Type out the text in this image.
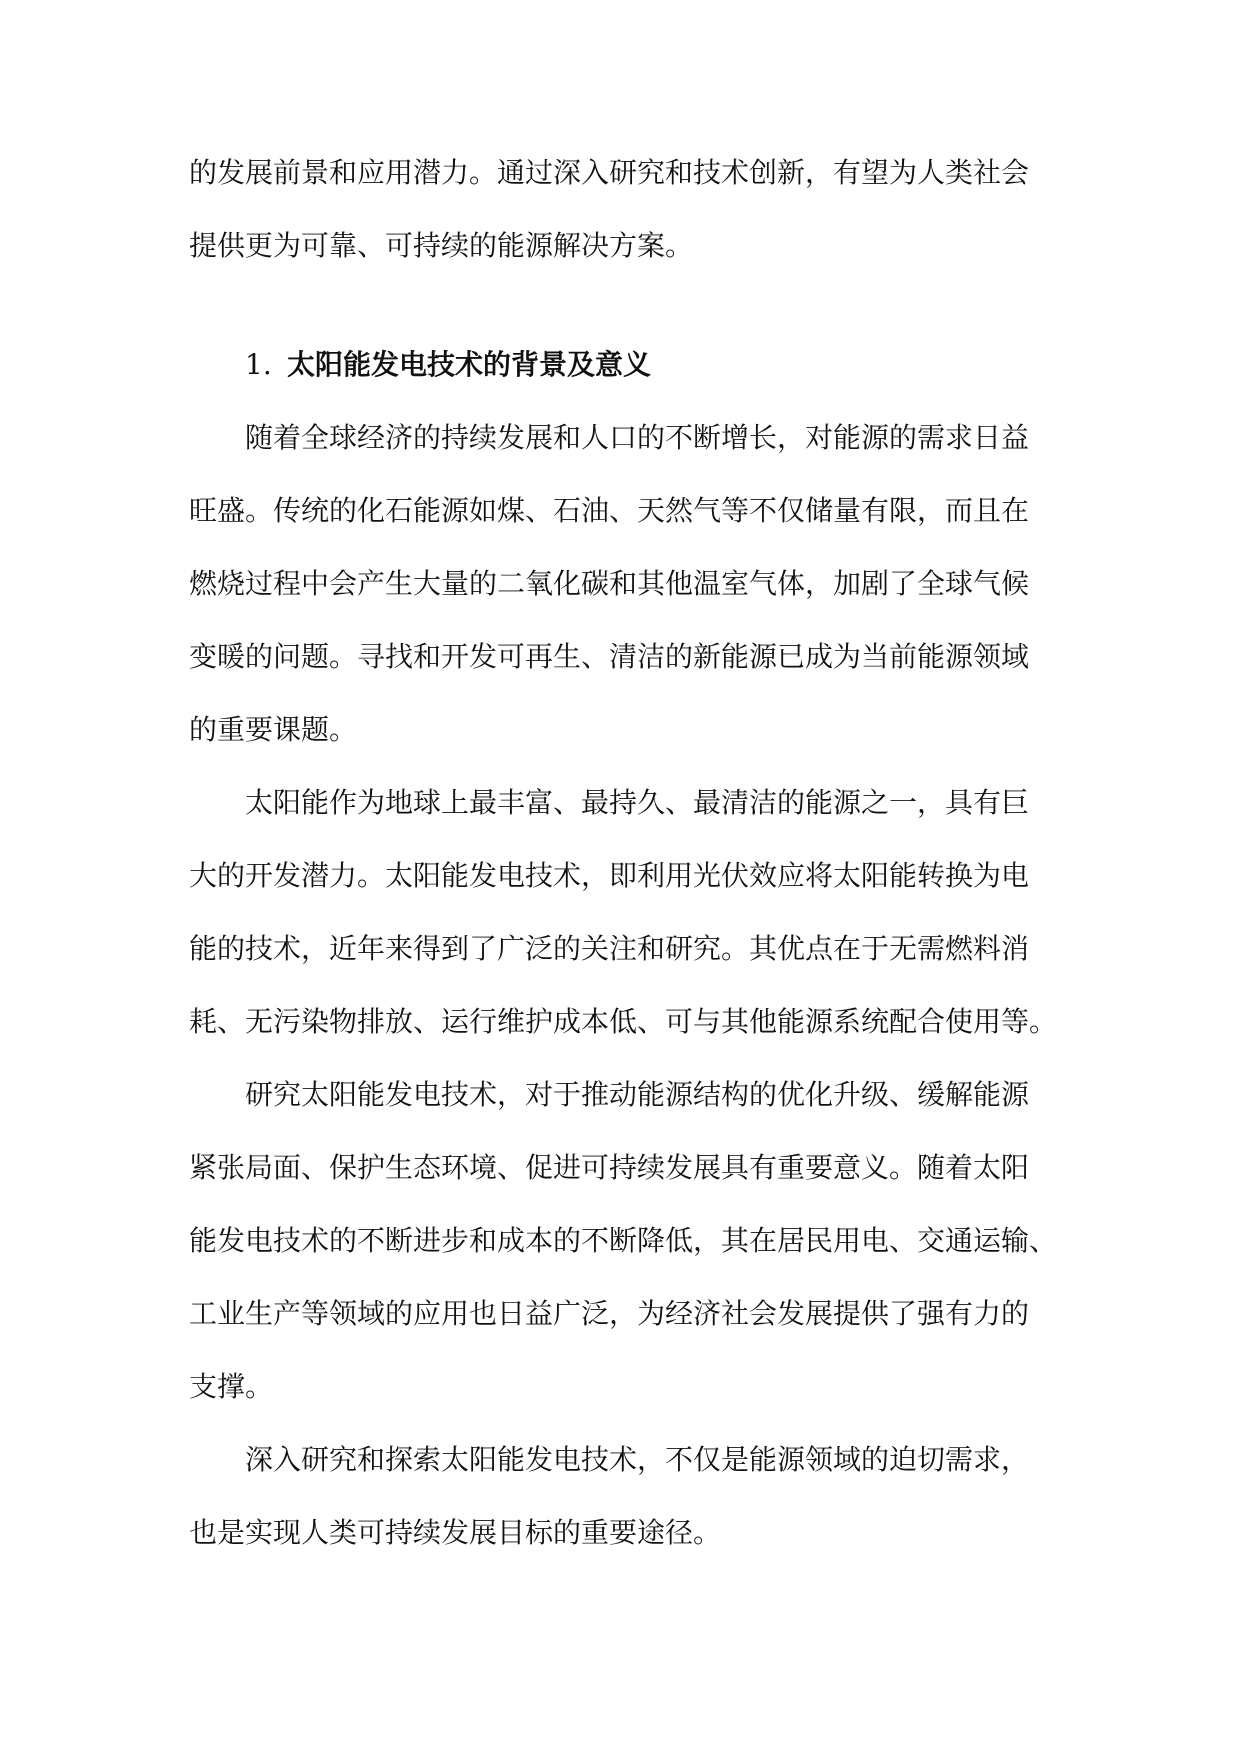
的发展前景和应用潜力。通过深入研究和技术创新，有望为人类社会
提供更为可靠、可持续的能源解决方案。
1. 太阳能发电技术的背景及意义
随着全球经济的持续发展和人口的不断增长，对能源的需求日益
旺盛。传统的化石能源如煤、石油、天然气等不仅储量有限，而且在
燃烧过程中会产生大量的二氧化碳和其他温室气体，加剧了全球气候
变暖的问题。寻找和开发可再生、清洁的新能源已成为当前能源领域
的重要课题。
太阳能作为地球上最丰富、最持久、最清洁的能源之一，具有巨
大的开发潜力。太阳能发电技术，即利用光伏效应将太阳能转换为电
能的技术，近年来得到了广泛的关注和研究。其优点在于无需燃料消
耗、无污染物排放、运行维护成本低、可与其他能源系统配合使用等。
研究太阳能发电技术，对于推动能源结构的优化升级、缓解能源
紧张局面、保护生态环境、促进可持续发展具有重要意义。随着太阳
能发电技术的不断进步和成本的不断降低，其在居民用电、交通运输、
工业生产等领域的应用也日益广泛，为经济社会发展提供了强有力的
支撑。
深入研究和探索太阳能发电技术，不仅是能源领域的迫切需求，
也是实现人类可持续发展目标的重要途径。
